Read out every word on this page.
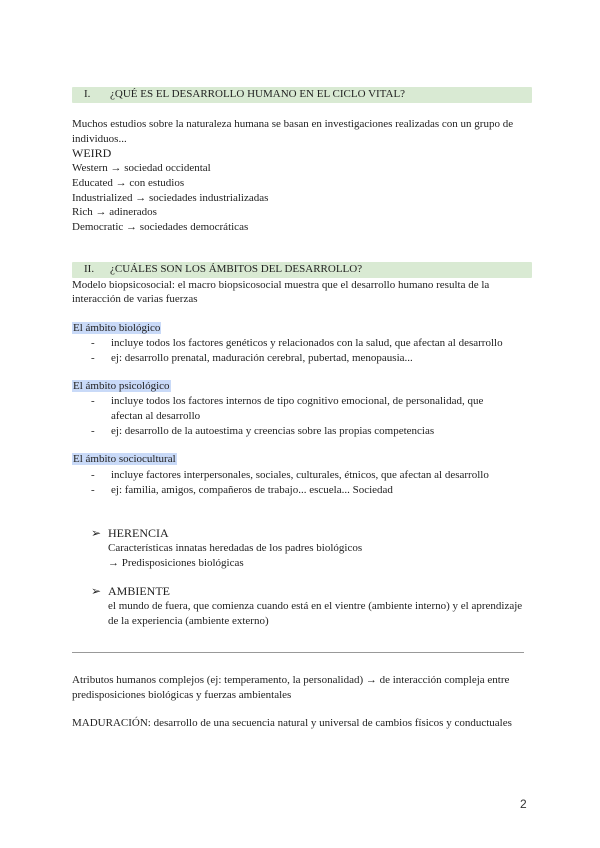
I. ¿QUÉ ES EL DESARROLLO HUMANO EN EL CICLO VITAL?
Muchos estudios sobre la naturaleza humana se basan en investigaciones realizadas con un grupo de individuos...
WEIRD
Western → sociedad occidental
Educated → con estudios
Industrialized → sociedades industrializadas
Rich → adinerados
Democratic → sociedades democráticas
II. ¿CUÁLES SON LOS ÁMBITOS DEL DESARROLLO?
Modelo biopsicosocial: el macro biopsicosocial muestra que el desarrollo humano resulta de la
interacción de varias fuerzas
El ámbito biológico
- incluye todos los factores genéticos y relacionados con la salud, que afectan al desarrollo
- ej: desarrollo prenatal, maduración cerebral, pubertad, menopausia...
El ámbito psicológico
- incluye todos los factores internos de tipo cognitivo emocional, de personalidad, que afectan al desarrollo
- ej: desarrollo de la autoestima y creencias sobre las propias competencias
El ámbito sociocultural
- incluye factores interpersonales, sociales, culturales, étnicos, que afectan al desarrollo
- ej: familia, amigos, compañeros de trabajo... escuela... Sociedad
➢ HERENCIA
Características innatas heredadas de los padres biológicos
→ Predisposiciones biológicas
➢ AMBIENTE
el mundo de fuera, que comienza cuando está en el vientre (ambiente interno) y el aprendizaje
de la experiencia (ambiente externo)
Atributos humanos complejos (ej: temperamento, la personalidad) → de interacción compleja entre
predisposiciones biológicas y fuerzas ambientales
MADURACIÓN: desarrollo de una secuencia natural y universal de cambios físicos y conductuales
2
